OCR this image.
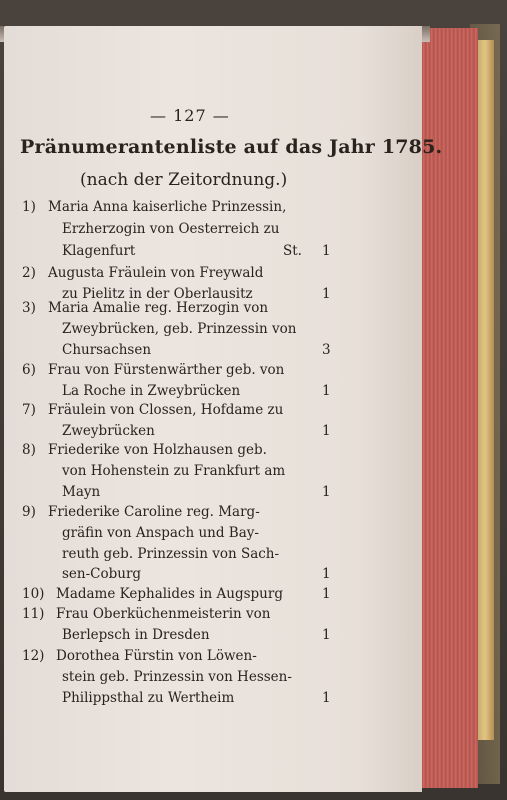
— 127 —
Pränumerantenliste auf das Jahr 1785.
(nach der Zeitordnung.)
1) Maria Anna kaiserliche Prinzessin,
Erzherzogin von Oesterreich zu
Klagenfurt	St. 1
2) Augusta Fräulein von Freywald
zu Pielitz in der Oberlausitz	1
3) Maria Amalie reg. Herzogin von
Zweybrücken, geb. Prinzessin von
Chursachsen	3
6) Frau von Fürstenwärther geb. von
La Roche in Zweybrücken	1
7) Fräulein von Clossen, Hofdame zu
Zweybrücken	1
8) Friederike von Holzhausen geb.
von Hohenstein zu Frankfurt am
Mayn	1
9) Friederike Caroline reg. Marg-
gräfin von Anspach und Bay-
reuth geb. Prinzessin von Sach-
sen-Coburg	1
10) Madame Kephalides in Augspurg	1
11) Frau Oberküchenmeisterin von
Berlepsch in Dresden	1
12) Dorothea Fürstin von Löwen-
stein geb. Prinzessin von Hessen-
Philippsthal zu Wertheim	1
